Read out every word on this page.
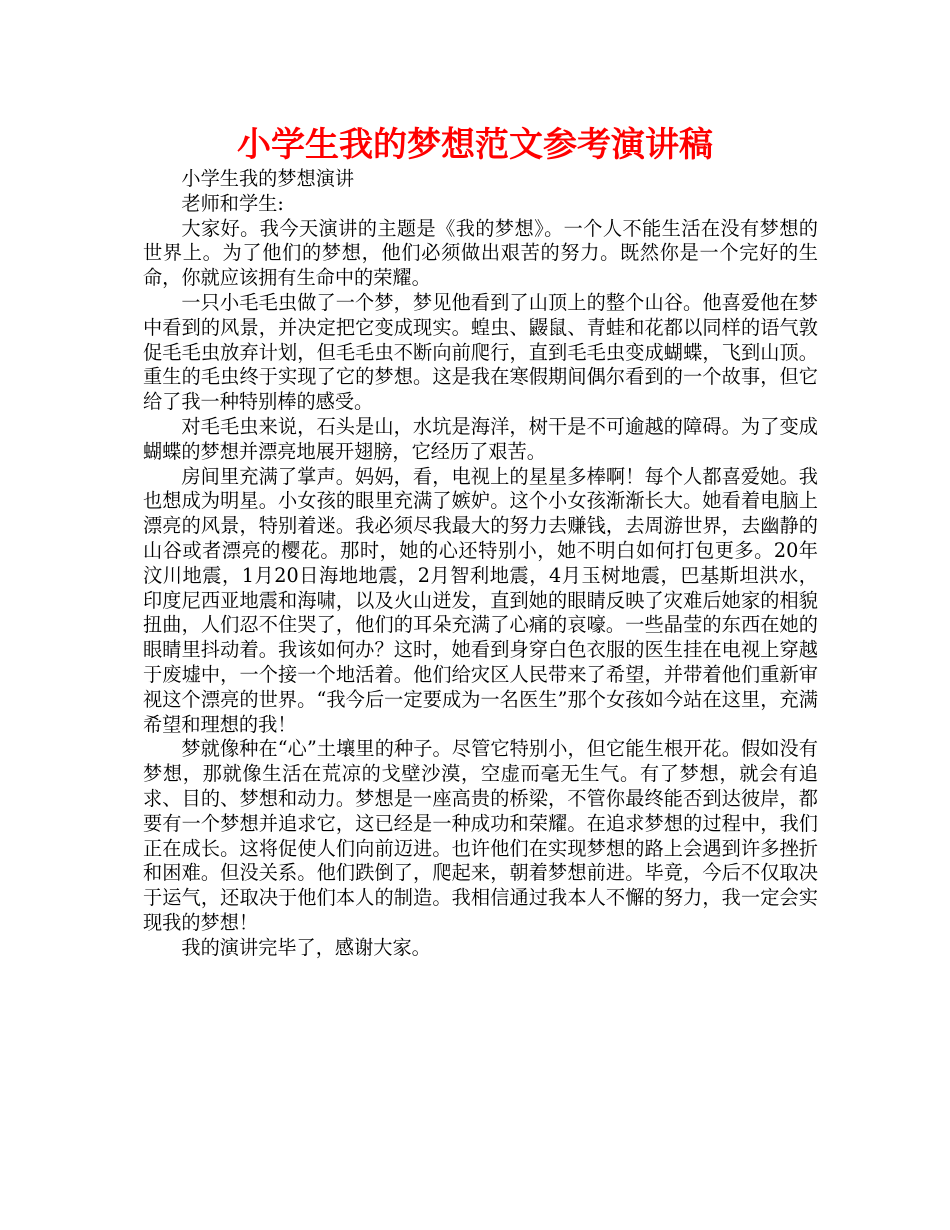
小学生我的梦想范文参考演讲稿

小学生我的梦想演讲

老师和学生:

大家好。我今天演讲的主题是《我的梦想》。一个人不能生活在没有梦想的世界上。为了他们的梦想，他们必须做出艰苦的努力。既然你是一个完好的生命，你就应该拥有生命中的荣耀。

一只小毛毛虫做了一个梦，梦见他看到了山顶上的整个山谷。他喜爱他在梦中看到的风景，并决定把它变成现实。蝗虫、鼹鼠、青蛙和花都以同样的语气敦促毛毛虫放弃计划，但毛毛虫不断向前爬行，直到毛毛虫变成蝴蝶，飞到山顶。重生的毛虫终于实现了它的梦想。这是我在寒假期间偶尔看到的一个故事，但它给了我一种特别棒的感受。

对毛毛虫来说，石头是山，水坑是海洋，树干是不可逾越的障碍。为了变成蝴蝶的梦想并漂亮地展开翅膀，它经历了艰苦。

房间里充满了掌声。妈妈，看，电视上的星星多棒啊！每个人都喜爱她。我也想成为明星。小女孩的眼里充满了嫉妒。这个小女孩渐渐长大。她看着电脑上漂亮的风景，特别着迷。我必须尽我最大的努力去赚钱，去周游世界，去幽静的山谷或者漂亮的樱花。那时，她的心还特别小，她不明白如何打包更多。20年汶川地震，1月20日海地地震，2月智利地震，4月玉树地震，巴基斯坦洪水，印度尼西亚地震和海啸，以及火山迸发，直到她的眼睛反映了灾难后她家的相貌扭曲，人们忍不住哭了，他们的耳朵充满了心痛的哀嚎。一些晶莹的东西在她的眼睛里抖动着。我该如何办？这时，她看到身穿白色衣服的医生挂在电视上穿越于废墟中，一个接一个地活着。他们给灾区人民带来了希望，并带着他们重新审视这个漂亮的世界。“我今后一定要成为一名医生”那个女孩如今站在这里，充满希望和理想的我！

梦就像种在“心”土壤里的种子。尽管它特别小，但它能生根开花。假如没有梦想，那就像生活在荒凉的戈壁沙漠，空虚而毫无生气。有了梦想，就会有追求、目的、梦想和动力。梦想是一座高贵的桥梁，不管你最终能否到达彼岸，都要有一个梦想并追求它，这已经是一种成功和荣耀。在追求梦想的过程中，我们正在成长。这将促使人们向前迈进。也许他们在实现梦想的路上会遇到许多挫折和困难。但没关系。他们跌倒了，爬起来，朝着梦想前进。毕竟，今后不仅取决于运气，还取决于他们本人的制造。我相信通过我本人不懈的努力，我一定会实现我的梦想！

我的演讲完毕了，感谢大家。
